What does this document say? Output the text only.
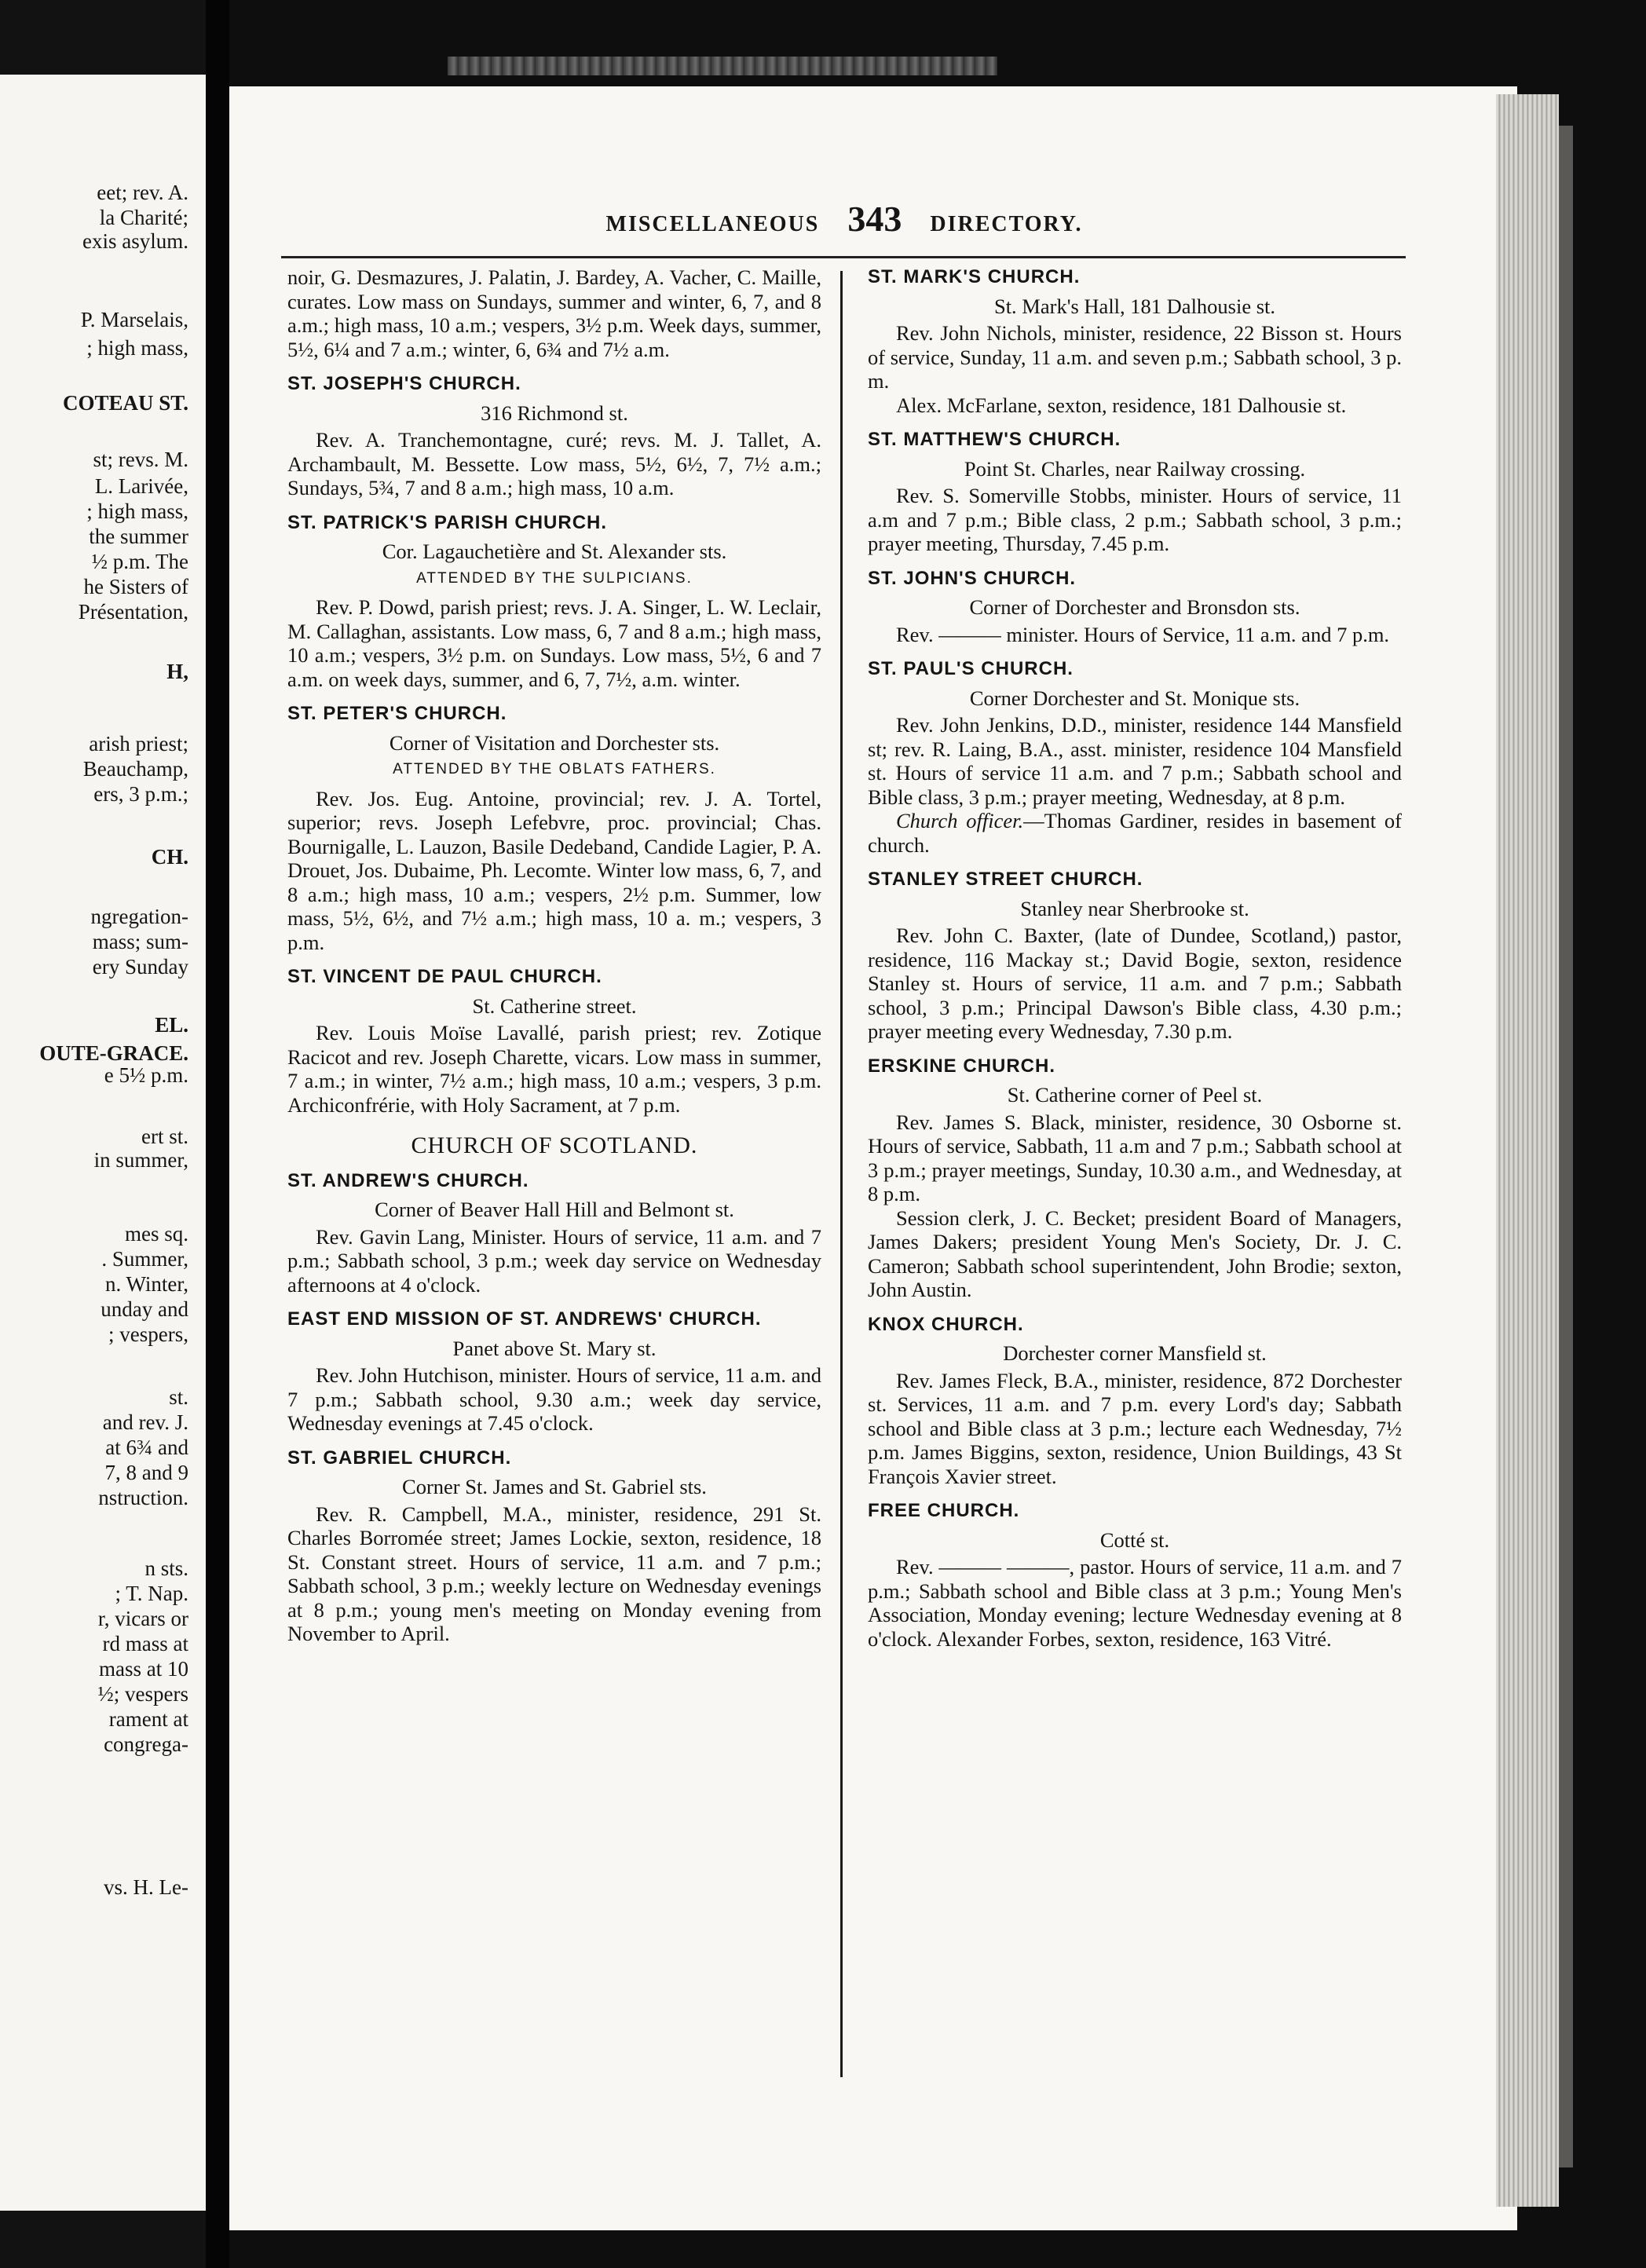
eet; rev. A.
la Charité;
exis asylum.
P. Marselais,
; high mass,
COTEAU ST.
st; revs. M.
L. Larivée,
; high mass,
the summer
½ p.m. The
he Sisters of
Présentation,
H,
arish priest;
Beauchamp,
ers, 3 p.m.;
CH.
ngregation-
mass; sum-
ery Sunday
EL.
OUTE-GRACE.
e 5½ p.m.
ert st.
in summer,
mes sq.
. Summer,
n. Winter,
unday and
; vespers,
st.
and rev. J.
at 6¾ and
7, 8 and 9
nstruction.
n sts.
; T. Nap.
r, vicars or
rd mass at
mass at 10
½; vespers
rament at
congrega-
vs. H. Le-
MISCELLANEOUS 343 DIRECTORY.

noir, G. Desmazures, J. Palatin, J. Bardey, A. Vacher, C. Maille, curates. Low mass on Sundays, summer and winter, 6, 7, and 8 a.m.; high mass, 10 a.m.; vespers, 3½ p.m. Week days, summer, 5½, 6¼ and 7 a.m.; winter, 6, 6¾ and 7½ a.m.

ST. JOSEPH'S CHURCH.
316 Richmond st.

Rev. A. Tranchemontagne, curé; revs. M. J. Tallet, A. Archambault, M. Bessette. Low mass, 5½, 6½, 7, 7½ a.m.; Sundays, 5¾, 7 and 8 a.m.; high mass, 10 a.m.

ST. PATRICK'S PARISH CHURCH.
Cor. Lagauchetière and St. Alexander sts.
ATTENDED BY THE SULPICIANS.

Rev. P. Dowd, parish priest; revs. J. A. Singer, L. W. Leclair, M. Callaghan, assistants. Low mass, 6, 7 and 8 a.m.; high mass, 10 a.m.; vespers, 3½ p.m. on Sundays. Low mass, 5½, 6 and 7 a.m. on week days, summer, and 6, 7, 7½, a.m. winter.

ST. PETER'S CHURCH.
Corner of Visitation and Dorchester sts.
ATTENDED BY THE OBLATS FATHERS.

Rev. Jos. Eug. Antoine, provincial; rev. J. A. Tortel, superior; revs. Joseph Lefebvre, proc. provincial; Chas. Bournigalle, L. Lauzon, Basile Dedeband, Candide Lagier, P. A. Drouet, Jos. Dubaime, Ph. Lecomte. Winter low mass, 6, 7, and 8 a.m.; high mass, 10 a.m.; vespers, 2½ p.m. Summer, low mass, 5½, 6½, and 7½ a.m.; high mass, 10 a. m.; vespers, 3 p.m.

ST. VINCENT DE PAUL CHURCH.
St. Catherine street.

Rev. Louis Moïse Lavallé, parish priest; rev. Zotique Racicot and rev. Joseph Charette, vicars. Low mass in summer, 7 a.m.; in winter, 7½ a.m.; high mass, 10 a.m.; vespers, 3 p.m. Archiconfrérie, with Holy Sacrament, at 7 p.m.

CHURCH OF SCOTLAND.
ST. ANDREW'S CHURCH.
Corner of Beaver Hall Hill and Belmont st.

Rev. Gavin Lang, Minister. Hours of service, 11 a.m. and 7 p.m.; Sabbath school, 3 p.m.; week day service on Wednesday afternoons at 4 o'clock.

EAST END MISSION OF ST. ANDREWS' CHURCH.
Panet above St. Mary st.

Rev. John Hutchison, minister. Hours of service, 11 a.m. and 7 p.m.; Sabbath school, 9.30 a.m.; week day service, Wednesday evenings at 7.45 o'clock.

ST. GABRIEL CHURCH.
Corner St. James and St. Gabriel sts.

Rev. R. Campbell, M.A., minister, residence, 291 St. Charles Borromée street; James Lockie, sexton, residence, 18 St. Constant street. Hours of service, 11 a.m. and 7 p.m.; Sabbath school, 3 p.m.; weekly lecture on Wednesday evenings at 8 p.m.; young men's meeting on Monday evening from November to April.

ST. MARK'S CHURCH.
St. Mark's Hall, 181 Dalhousie st.

Rev. John Nichols, minister, residence, 22 Bisson st. Hours of service, Sunday, 11 a.m. and seven p.m.; Sabbath school, 3 p. m.

Alex. McFarlane, sexton, residence, 181 Dalhousie st.

ST. MATTHEW'S CHURCH.
Point St. Charles, near Railway crossing.

Rev. S. Somerville Stobbs, minister. Hours of service, 11 a.m and 7 p.m.; Bible class, 2 p.m.; Sabbath school, 3 p.m.; prayer meeting, Thursday, 7.45 p.m.

ST. JOHN'S CHURCH.
Corner of Dorchester and Bronsdon sts.

Rev. ——— minister. Hours of Service, 11 a.m. and 7 p.m.

ST. PAUL'S CHURCH.
Corner Dorchester and St. Monique sts.

Rev. John Jenkins, D.D., minister, residence 144 Mansfield st; rev. R. Laing, B.A., asst. minister, residence 104 Mansfield st. Hours of service 11 a.m. and 7 p.m.; Sabbath school and Bible class, 3 p.m.; prayer meeting, Wednesday, at 8 p.m.

Church officer.—Thomas Gardiner, resides in basement of church.

STANLEY STREET CHURCH.
Stanley near Sherbrooke st.

Rev. John C. Baxter, (late of Dundee, Scotland,) pastor, residence, 116 Mackay st.; David Bogie, sexton, residence Stanley st. Hours of service, 11 a.m. and 7 p.m.; Sabbath school, 3 p.m.; Principal Dawson's Bible class, 4.30 p.m.; prayer meeting every Wednesday, 7.30 p.m.

ERSKINE CHURCH.
St. Catherine corner of Peel st.

Rev. James S. Black, minister, residence, 30 Osborne st. Hours of service, Sabbath, 11 a.m and 7 p.m.; Sabbath school at 3 p.m.; prayer meetings, Sunday, 10.30 a.m., and Wednesday, at 8 p.m.

Session clerk, J. C. Becket; president Board of Managers, James Dakers; president Young Men's Society, Dr. J. C. Cameron; Sabbath school superintendent, John Brodie; sexton, John Austin.

KNOX CHURCH.
Dorchester corner Mansfield st.

Rev. James Fleck, B.A., minister, residence, 872 Dorchester st. Services, 11 a.m. and 7 p.m. every Lord's day; Sabbath school and Bible class at 3 p.m.; lecture each Wednesday, 7½ p.m. James Biggins, sexton, residence, Union Buildings, 43 St François Xavier street.

FREE CHURCH.
Cotté st.

Rev. ——— ———, pastor. Hours of service, 11 a.m. and 7 p.m.; Sabbath school and Bible class at 3 p.m.; Young Men's Association, Monday evening; lecture Wednesday evening at 8 o'clock. Alexander Forbes, sexton, residence, 163 Vitré.
